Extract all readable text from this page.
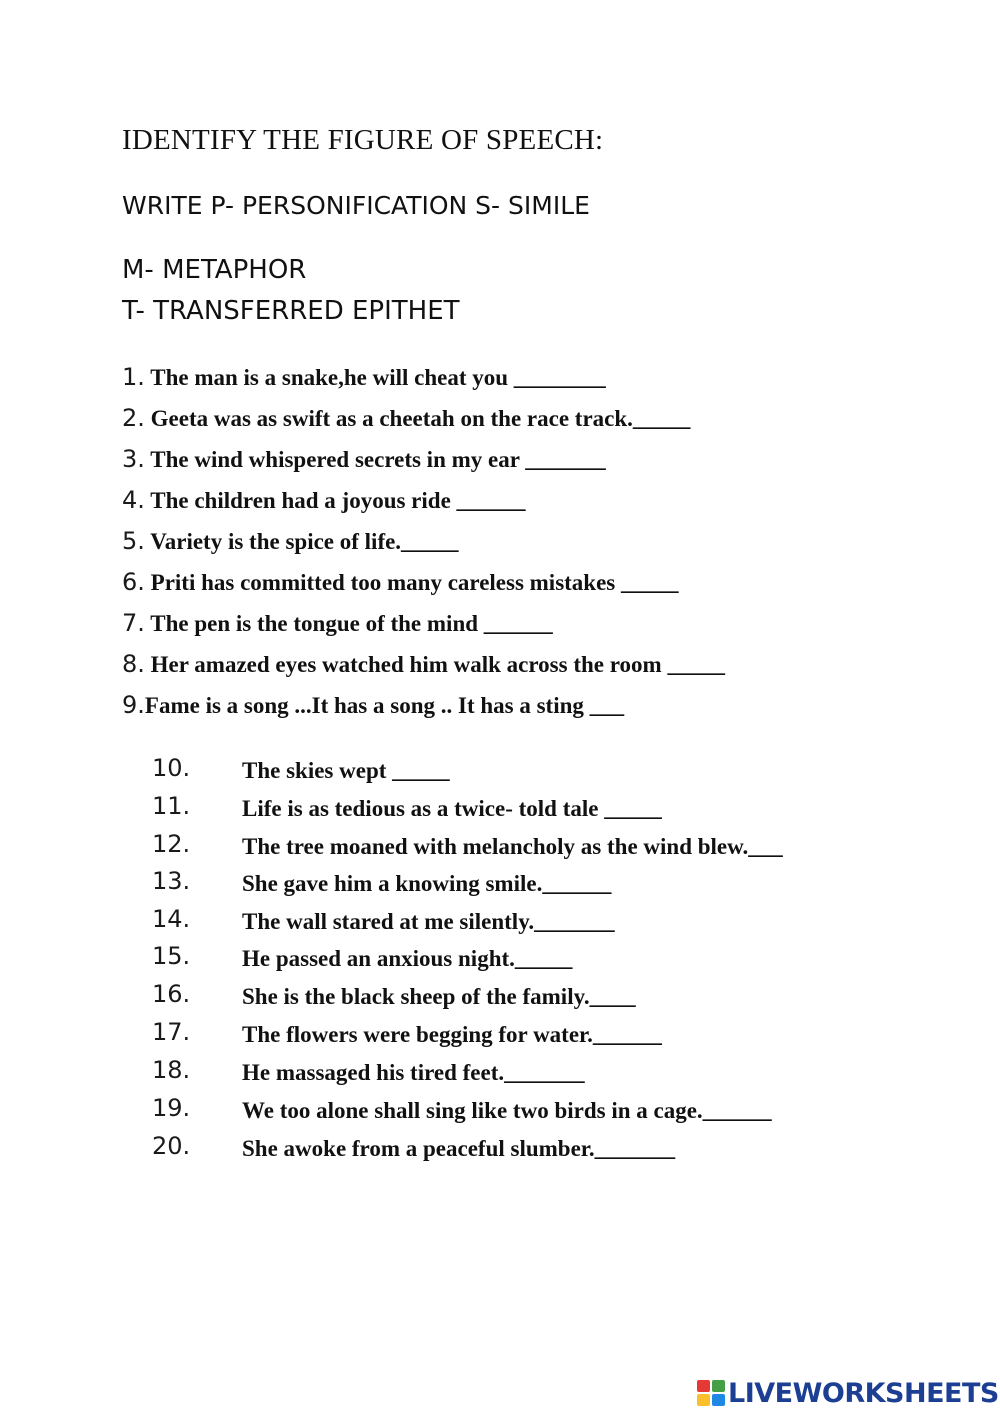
IDENTIFY THE FIGURE OF SPEECH:
WRITE P- PERSONIFICATION S- SIMILE
M- METAPHOR
T- TRANSFERRED EPITHET
1. The man is a snake,he will cheat you ________
2. Geeta was as swift as a cheetah on the race track._____
3. The wind whispered secrets in my ear _______
4. The children had a joyous ride ______
5. Variety is the spice of life._____
6. Priti has committed too many careless mistakes _____
7. The pen is the tongue of the mind ______
8. Her amazed eyes watched him walk across the room _____
9.Fame is a song ...It has a song .. It has a sting ___
10. The skies wept _____
11. Life is as tedious as a twice- told tale _____
12. The tree moaned with melancholy as the wind blew.___
13. She gave him a knowing smile.______
14. The wall stared at me silently._______
15. He passed an anxious night._____
16. She is the black sheep of the family.____
17. The flowers were begging for water.______
18. He massaged his tired feet._______
19. We too alone shall sing like two birds in a cage.______
20. She awoke from a peaceful slumber._______
LIVEWORKSHEETS
